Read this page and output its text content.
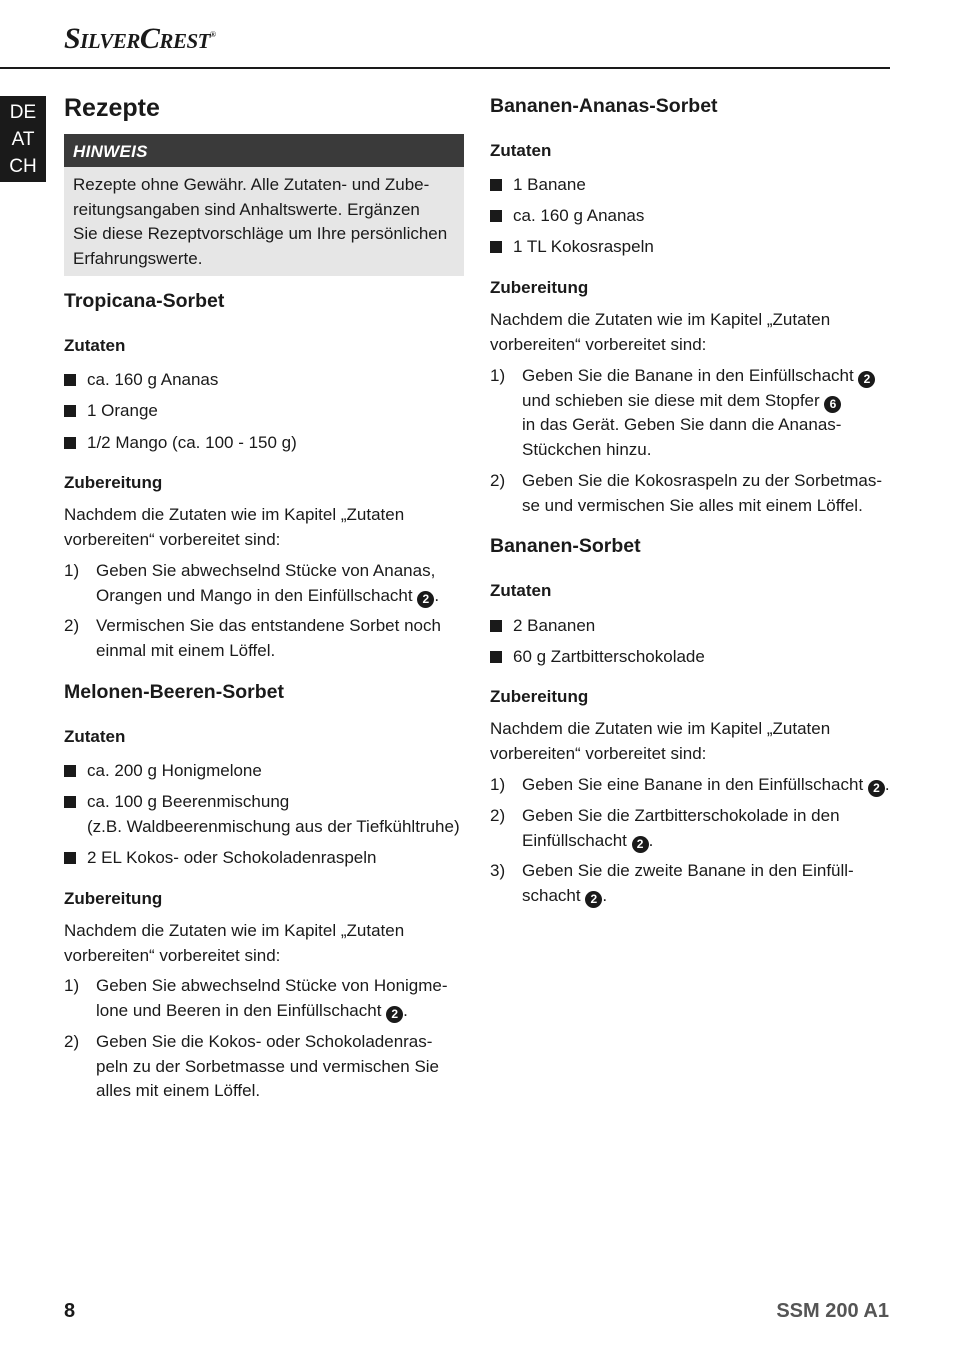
SilverCrest®
DE
AT
CH
Rezepte
HINWEIS
Rezepte ohne Gewähr. Alle Zutaten- und Zube-
reitungsangaben sind Anhaltswerte. Ergänzen
Sie diese Rezeptvorschläge um Ihre persönlichen
Erfahrungswerte.
Tropicana-Sorbet
Zutaten
ca. 160 g Ananas
1 Orange
1/2 Mango (ca. 100 - 150 g)
Zubereitung
Nachdem die Zutaten wie im Kapitel „Zutaten
vorbereiten“ vorbereitet sind:
1) Geben Sie abwechselnd Stücke von Ananas,
Orangen und Mango in den Einfüllschacht 2 .
2) Vermischen Sie das entstandene Sorbet noch
einmal mit einem Löffel.
Melonen-Beeren-Sorbet
Zutaten
ca. 200 g Honigmelone
ca. 100 g Beerenmischung
(z.B. Waldbeerenmischung aus der Tiefkühltruhe)
2 EL Kokos- oder Schokoladenraspeln
Zubereitung
Nachdem die Zutaten wie im Kapitel „Zutaten
vorbereiten“ vorbereitet sind:
1) Geben Sie abwechselnd Stücke von Honigme-
lone und Beeren in den Einfüllschacht 2 .
2) Geben Sie die Kokos- oder Schokoladenras-
peln zu der Sorbetmasse und vermischen Sie
alles mit einem Löffel.
Bananen-Ananas-Sorbet
Zutaten
1 Banane
ca. 160 g Ananas
1 TL Kokosraspeln
Zubereitung
Nachdem die Zutaten wie im Kapitel „Zutaten
vorbereiten“ vorbereitet sind:
1) Geben Sie die Banane in den Einfüllschacht 2
und schieben sie diese mit dem Stopfer 6
in das Gerät. Geben Sie dann die Ananas-
Stückchen hinzu.
2) Geben Sie die Kokosraspeln zu der Sorbetmas-
se und vermischen Sie alles mit einem Löffel.
Bananen-Sorbet
Zutaten
2 Bananen
60 g Zartbitterschokolade
Zubereitung
Nachdem die Zutaten wie im Kapitel „Zutaten
vorbereiten“ vorbereitet sind:
1) Geben Sie eine Banane in den Einfüllschacht 2 .
2) Geben Sie die Zartbitterschokolade in den
Einfüllschacht 2 .
3) Geben Sie die zweite Banane in den Einfüll-
schacht 2 .
8	SSM 200 A1
